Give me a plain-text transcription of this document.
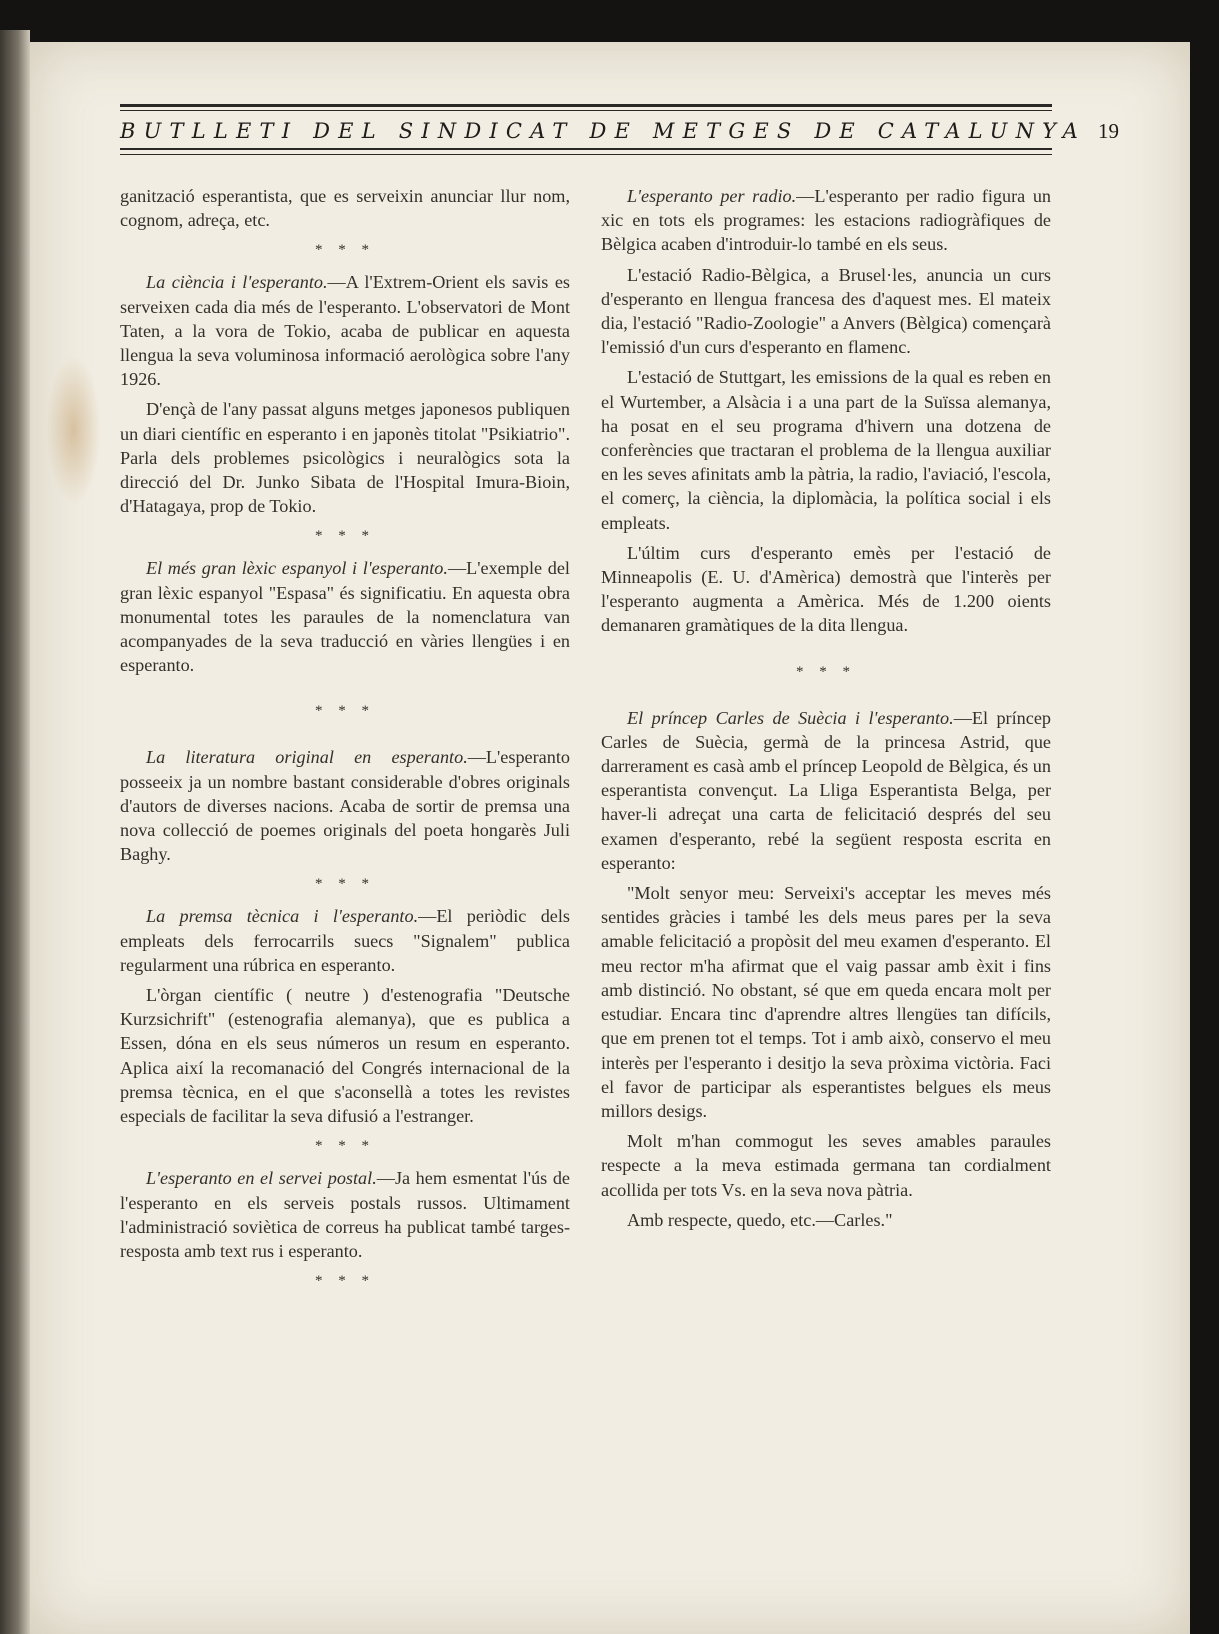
BUTLLETI DEL SINDICAT DE METGES DE CATALUNYA 19

ganització esperantista, que es serveixin anunciar llur nom, cognom, adreça, etc.

* * *

La ciència i l'esperanto.—A l'Extrem-Orient els savis es serveixen cada dia més de l'esperanto. L'observatori de Mont Taten, a la vora de Tokio, acaba de publicar en aquesta llengua la seva voluminosa informació aerològica sobre l'any 1926.

D'ençà de l'any passat alguns metges japonesos publiquen un diari científic en esperanto i en japonès titolat "Psikiatrio". Parla dels problemes psicològics i neuralògics sota la direcció del Dr. Junko Sibata de l'Hospital Imura-Bioin, d'Hatagaya, prop de Tokio.

* * *

El més gran lèxic espanyol i l'esperanto.—L'exemple del gran lèxic espanyol "Espasa" és significatiu. En aquesta obra monumental totes les paraules de la nomenclatura van acompanyades de la seva traducció en vàries llengües i en esperanto.

* * *

La literatura original en esperanto.—L'esperanto posseeix ja un nombre bastant considerable d'obres originals d'autors de diverses nacions. Acaba de sortir de premsa una nova collecció de poemes originals del poeta hongarès Juli Baghy.

* * *

La premsa tècnica i l'esperanto.—El periòdic dels empleats dels ferrocarrils suecs "Signalem" publica regularment una rúbrica en esperanto.

L'òrgan científic ( neutre ) d'estenografia "Deutsche Kurzsichrift" (estenografia alemanya), que es publica a Essen, dóna en els seus números un resum en esperanto. Aplica així la recomanació del Congrés internacional de la premsa tècnica, en el que s'aconsellà a totes les revistes especials de facilitar la seva difusió a l'estranger.

* * *

L'esperanto en el servei postal.—Ja hem esmentat l'ús de l'esperanto en els serveis postals russos. Ultimament l'administració soviètica de correus ha publicat també targes-resposta amb text rus i esperanto.

* * *

L'esperanto per radio.—L'esperanto per radio figura un xic en tots els programes: les estacions radiogràfiques de Bèlgica acaben d'introduir-lo també en els seus.

L'estació Radio-Bèlgica, a Brusel·les, anuncia un curs d'esperanto en llengua francesa des d'aquest mes. El mateix dia, l'estació "Radio-Zoologie" a Anvers (Bèlgica) començarà l'emissió d'un curs d'esperanto en flamenc.

L'estació de Stuttgart, les emissions de la qual es reben en el Wurtember, a Alsàcia i a una part de la Suïssa alemanya, ha posat en el seu programa d'hivern una dotzena de conferències que tractaran el problema de la llengua auxiliar en les seves afinitats amb la pàtria, la radio, l'aviació, l'escola, el comerç, la ciència, la diplomàcia, la política social i els empleats.

L'últim curs d'esperanto emès per l'estació de Minneapolis (E. U. d'Amèrica) demostrà que l'interès per l'esperanto augmenta a Amèrica. Més de 1.200 oients demanaren gramàtiques de la dita llengua.

* * *

El príncep Carles de Suècia i l'esperanto.—El príncep Carles de Suècia, germà de la princesa Astrid, que darrerament es casà amb el príncep Leopold de Bèlgica, és un esperantista convençut. La Lliga Esperantista Belga, per haver-li adreçat una carta de felicitació després del seu examen d'esperanto, rebé la següent resposta escrita en esperanto:

"Molt senyor meu: Serveixi's acceptar les meves més sentides gràcies i també les dels meus pares per la seva amable felicitació a propòsit del meu examen d'esperanto. El meu rector m'ha afirmat que el vaig passar amb èxit i fins amb distinció. No obstant, sé que em queda encara molt per estudiar. Encara tinc d'aprendre altres llengües tan difícils, que em prenen tot el temps. Tot i amb això, conservo el meu interès per l'esperanto i desitjo la seva pròxima victòria. Faci el favor de participar als esperantistes belgues els meus millors desigs.

Molt m'han commogut les seves amables paraules respecte a la meva estimada germana tan cordialment acollida per tots Vs. en la seva nova pàtria.

Amb respecte, quedo, etc.—Carles."
